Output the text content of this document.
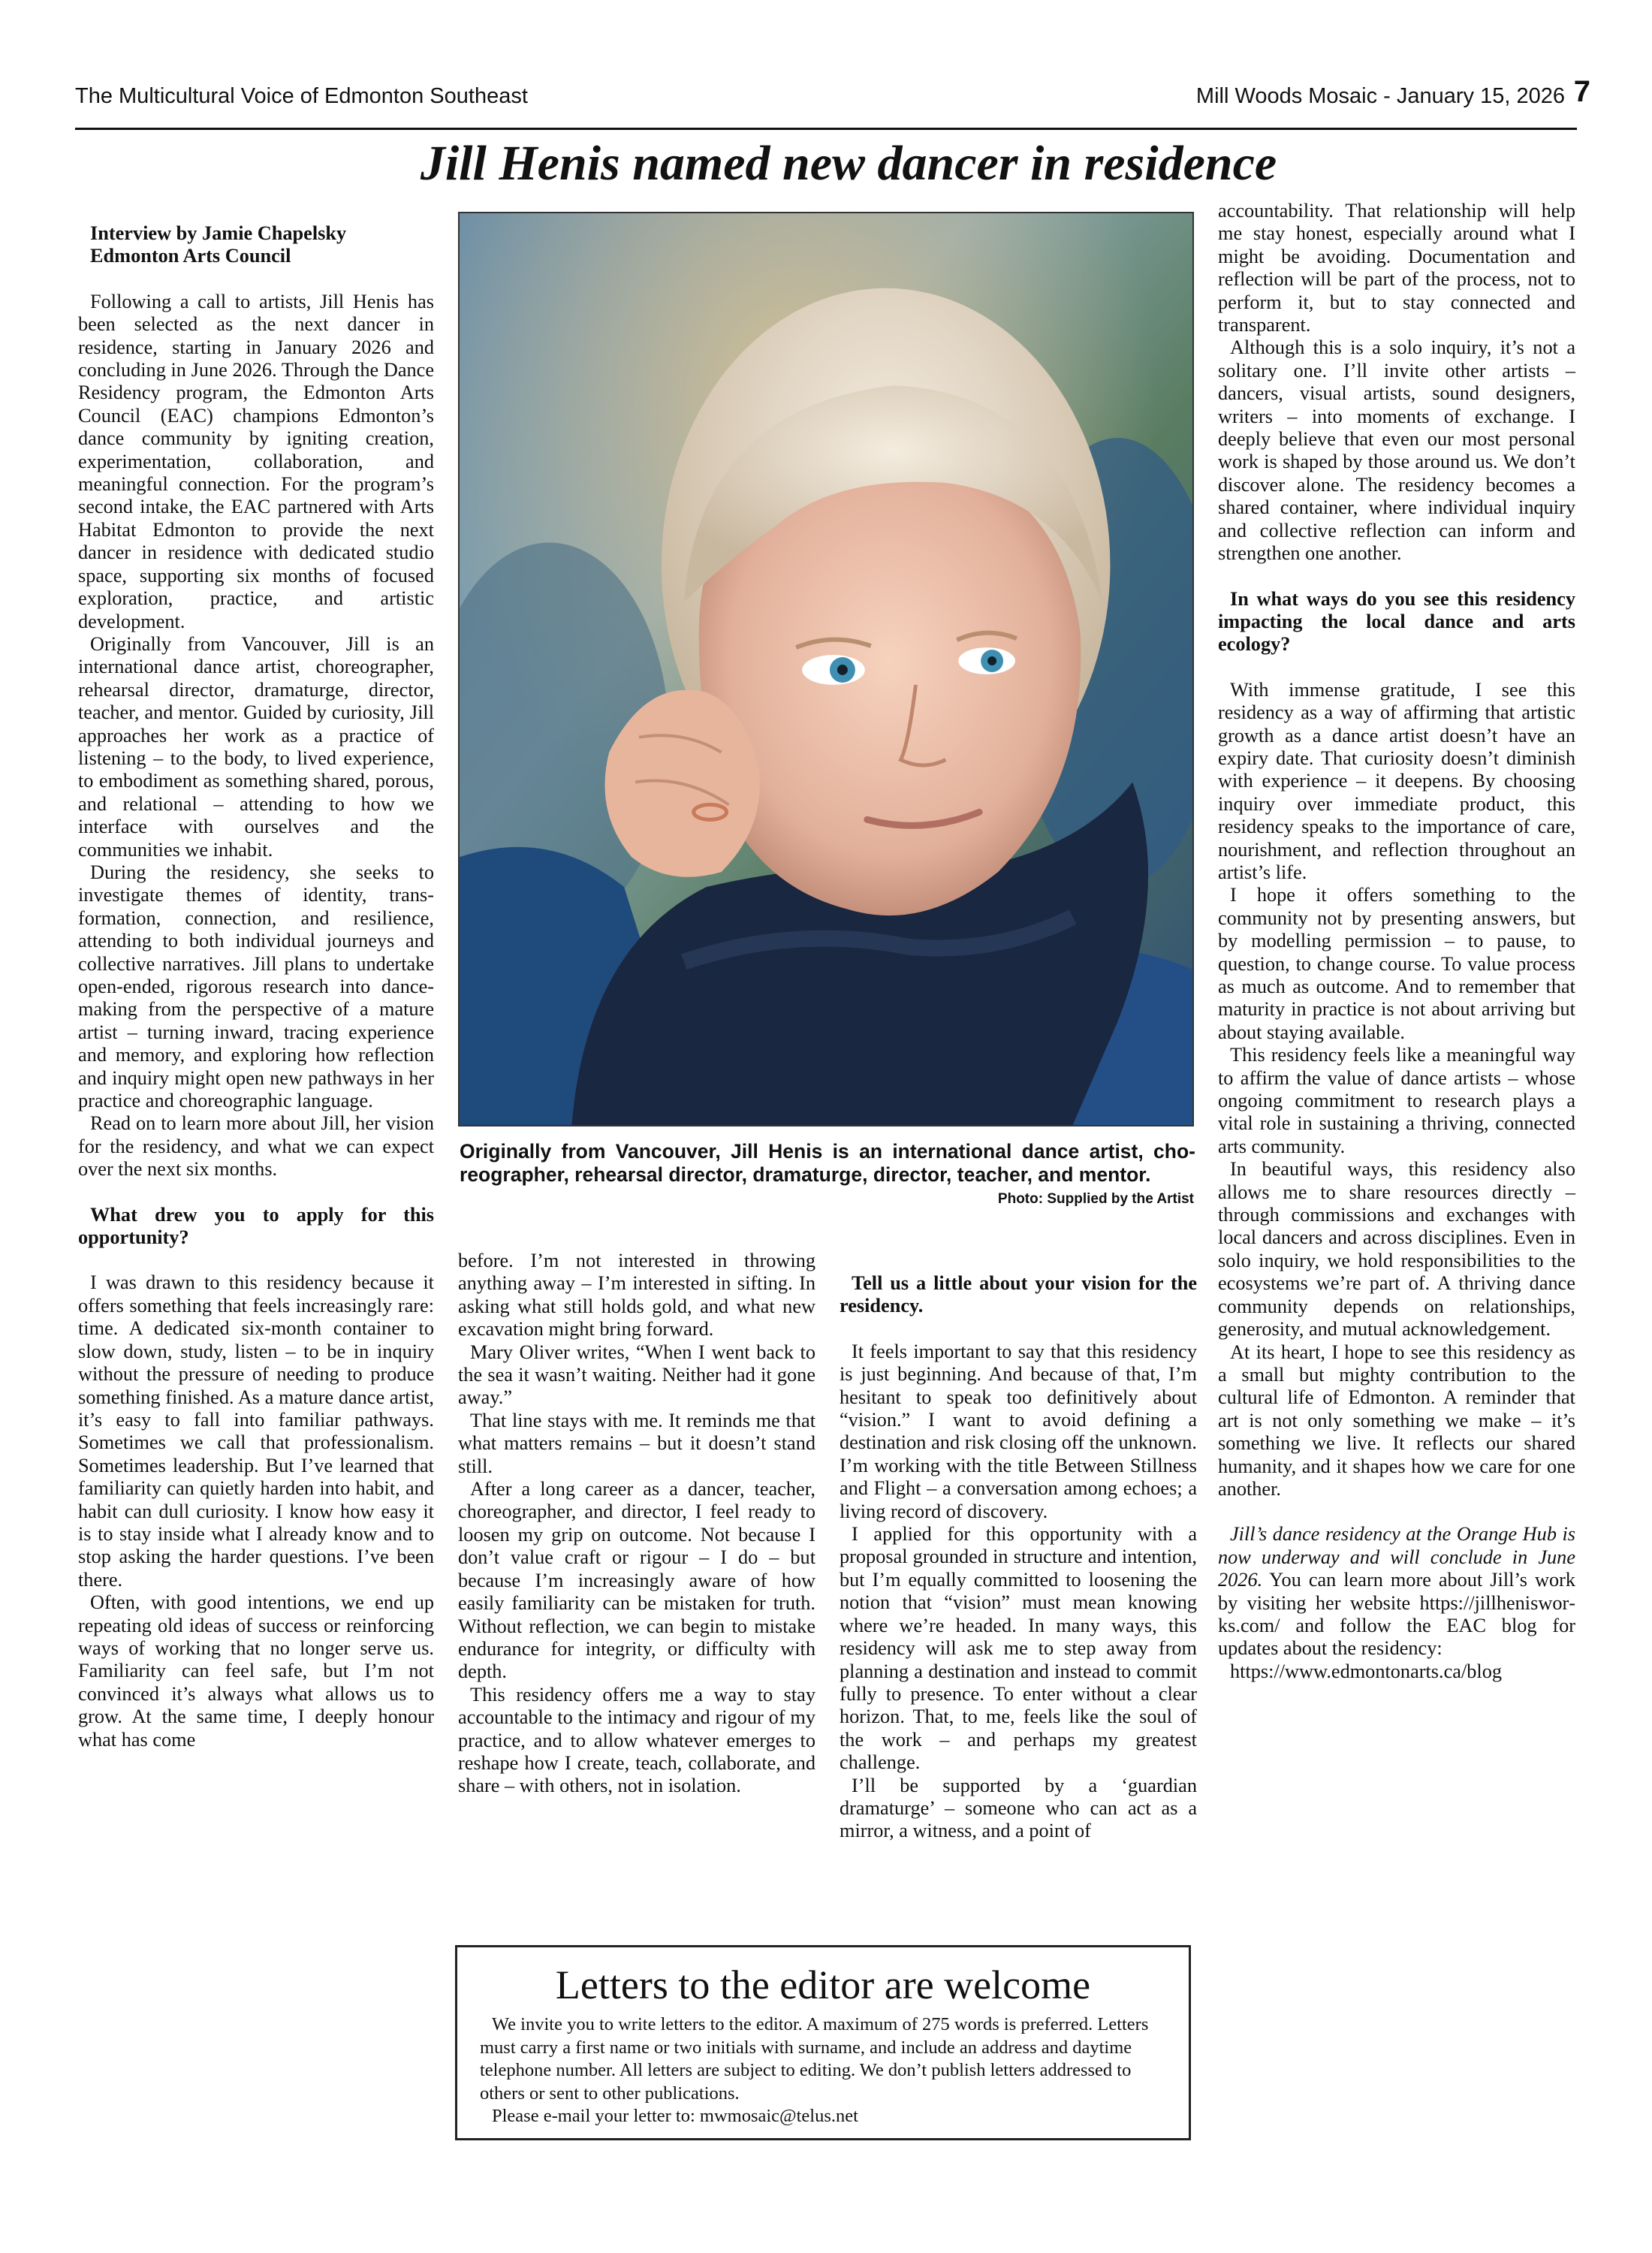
The Multicultural Voice of Edmonton Southeast	Mill Woods Mosaic - January 15, 2026 7
Jill Henis named new dancer in residence

Interview by Jamie Chapelsky

Edmonton Arts Council

Following a call to artists, Jill Henis has been selected as the next dancer in residence, starting in January 2026 and concluding in June 2026. Through the Dance Residency program, the Edmonton Arts Council (EAC) champions Edmonton’s dance community by igniting creation, experimentation, collaboration, and meaningful connection. For the program’s second intake, the EAC partnered with Arts Habitat Edmonton to provide the next dancer in residence with dedicated studio space, supporting six months of focused exploration, practice, and artistic development.

Originally from Vancouver, Jill is an international dance artist, choreographer, rehearsal director, dramaturge, director, teacher, and mentor. Guided by curiosity, Jill approaches her work as a practice of listening – to the body, to lived experience, to embodiment as something shared, porous, and relational – attending to how we interface with ourselves and the communities we inhabit.

During the residency, she seeks to investigate themes of identity, transformation, connection, and resilience, attending to both individual journeys and collective narratives. Jill plans to undertake open-ended, rigorous research into dance-making from the perspective of a mature artist – turning inward, tracing experience and memory, and exploring how reflection and inquiry might open new pathways in her practice and choreographic language.

Read on to learn more about Jill, her vision for the residency, and what we can expect over the next six months.

What drew you to apply for this opportunity?

I was drawn to this residency because it offers something that feels increasingly rare: time. A dedicated six-month container to slow down, study, listen – to be in inquiry without the pressure of needing to produce something finished. As a mature dance artist, it’s easy to fall into familiar pathways. Sometimes we call that professionalism. Sometimes leadership. But I’ve learned that familiarity can quietly harden into habit, and habit can dull curiosity. I know how easy it is to stay inside what I already know and to stop asking the harder questions. I’ve been there.

Often, with good intentions, we end up repeating old ideas of success or reinforcing ways of working that no longer serve us. Familiarity can feel safe, but I’m not convinced it’s always what allows us to grow. At the same time, I deeply honour what has come

Originally from Vancouver, Jill Henis is an international dance artist, choreographer, rehearsal director, dramaturge, director, teacher, and mentor.
Photo: Supplied by the Artist

before. I’m not interested in throwing anything away – I’m interested in sifting. In asking what still holds gold, and what new excavation might bring forward.

Mary Oliver writes, “When I went back to the sea it wasn’t waiting. Neither had it gone away.”

That line stays with me. It reminds me that what matters remains – but it doesn’t stand still.

After a long career as a dancer, teacher, choreographer, and director, I feel ready to loosen my grip on outcome. Not because I don’t value craft or rigour – I do – but because I’m increasingly aware of how easily familiarity can be mistaken for truth. Without reflection, we can begin to mistake endurance for integrity, or difficulty with depth.

This residency offers me a way to stay accountable to the intimacy and rigour of my practice, and to allow whatever emerges to reshape how I create, teach, collaborate, and share – with others, not in isolation.

Tell us a little about your vision for the residency.

It feels important to say that this residency is just beginning. And because of that, I’m hesitant to speak too definitively about “vision.” I want to avoid defining a destination and risk closing off the unknown. I’m working with the title Between Stillness and Flight – a conversation among echoes; a living record of discovery.

I applied for this opportunity with a proposal grounded in structure and intention, but I’m equally committed to loosening the notion that “vision” must mean knowing where we’re headed. In many ways, this residency will ask me to step away from planning a destination and instead to commit fully to presence. To enter without a clear horizon. That, to me, feels like the soul of the work – and perhaps my greatest challenge.

I’ll be supported by a ‘guardian dramaturge’ – someone who can act as a mirror, a witness, and a point of

accountability. That relationship will help me stay honest, especially around what I might be avoiding. Documentation and reflection will be part of the process, not to perform it, but to stay connected and transparent.

Although this is a solo inquiry, it’s not a solitary one. I’ll invite other artists – dancers, visual artists, sound designers, writers – into moments of exchange. I deeply believe that even our most personal work is shaped by those around us. We don’t discover alone. The residency becomes a shared container, where individual inquiry and collective reflection can inform and strengthen one another.

In what ways do you see this residency impacting the local dance and arts ecology?

With immense gratitude, I see this residency as a way of affirming that artistic growth as a dance artist doesn’t have an expiry date. That curiosity doesn’t diminish with experience – it deepens. By choosing inquiry over immediate product, this residency speaks to the importance of care, nourishment, and reflection throughout an artist’s life.

I hope it offers something to the community not by presenting answers, but by modelling permission – to pause, to question, to change course. To value process as much as outcome. And to remember that maturity in practice is not about arriving but about staying available.

This residency feels like a meaningful way to affirm the value of dance artists – whose ongoing commitment to research plays a vital role in sustaining a thriving, connected arts community.

In beautiful ways, this residency also allows me to share resources directly – through commissions and exchanges with local dancers and across disciplines. Even in solo inquiry, we hold responsibilities to the ecosystems we’re part of. A thriving dance community depends on relationships, generosity, and mutual acknowledgement.

At its heart, I hope to see this residency as a small but mighty contribution to the cultural life of Edmonton. A reminder that art is not only something we make – it’s something we live. It reflects our shared humanity, and it shapes how we care for one another.

Jill’s dance residency at the Orange Hub is now underway and will conclude in June 2026. You can learn more about Jill’s work by visiting her website https://jillhenisworks.com/ and follow the EAC blog for updates about the residency:

https://www.edmontonarts.ca/blog

Letters to the editor are welcome

We invite you to write letters to the editor. A maximum of 275 words is preferred. Letters must carry a first name or two initials with surname, and include an address and daytime telephone number. All letters are subject to editing. We don’t publish letters addressed to others or sent to other publications.

Please e-mail your letter to: mwmosaic@telus.net
